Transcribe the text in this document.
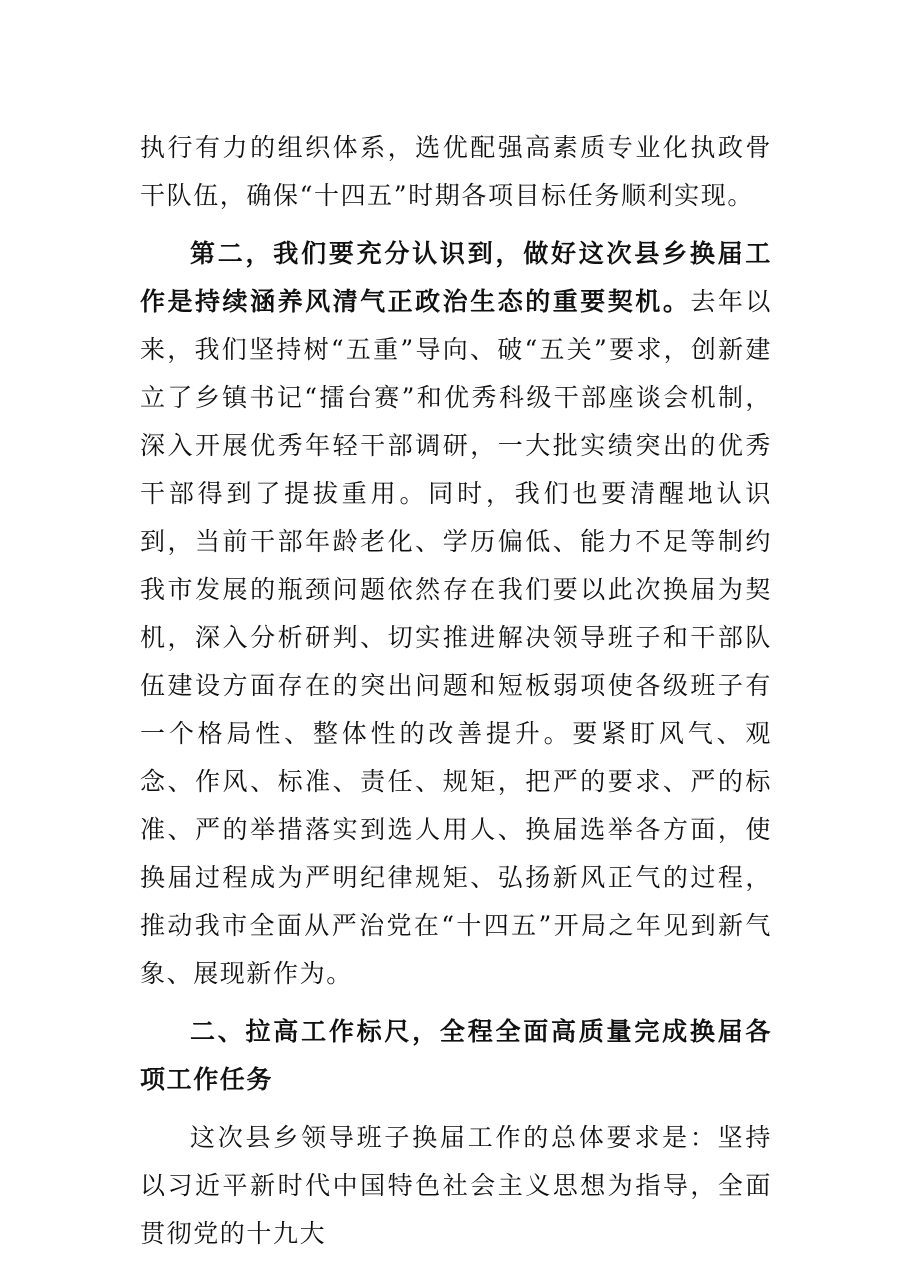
执行有力的组织体系，选优配强高素质专业化执政骨干队伍，确保“十四五”时期各项目标任务顺利实现。

第二，我们要充分认识到，做好这次县乡换届工作是持续涵养风清气正政治生态的重要契机。去年以来，我们坚持树“五重”导向、破“五关”要求，创新建立了乡镇书记“擂台赛”和优秀科级干部座谈会机制，深入开展优秀年轻干部调研，一大批实绩突出的优秀干部得到了提拔重用。同时，我们也要清醒地认识到，当前干部年龄老化、学历偏低、能力不足等制约我市发展的瓶颈问题依然存在我们要以此次换届为契机，深入分析研判、切实推进解决领导班子和干部队伍建设方面存在的突出问题和短板弱项使各级班子有一个格局性、整体性的改善提升。要紧盯风气、观念、作风、标准、责任、规矩，把严的要求、严的标准、严的举措落实到选人用人、换届选举各方面，使换届过程成为严明纪律规矩、弘扬新风正气的过程，推动我市全面从严治党在“十四五”开局之年见到新气象、展现新作为。

二、拉高工作标尺，全程全面高质量完成换届各项工作任务

这次县乡领导班子换届工作的总体要求是：坚持以习近平新时代中国特色社会主义思想为指导，全面贯彻党的十九大
